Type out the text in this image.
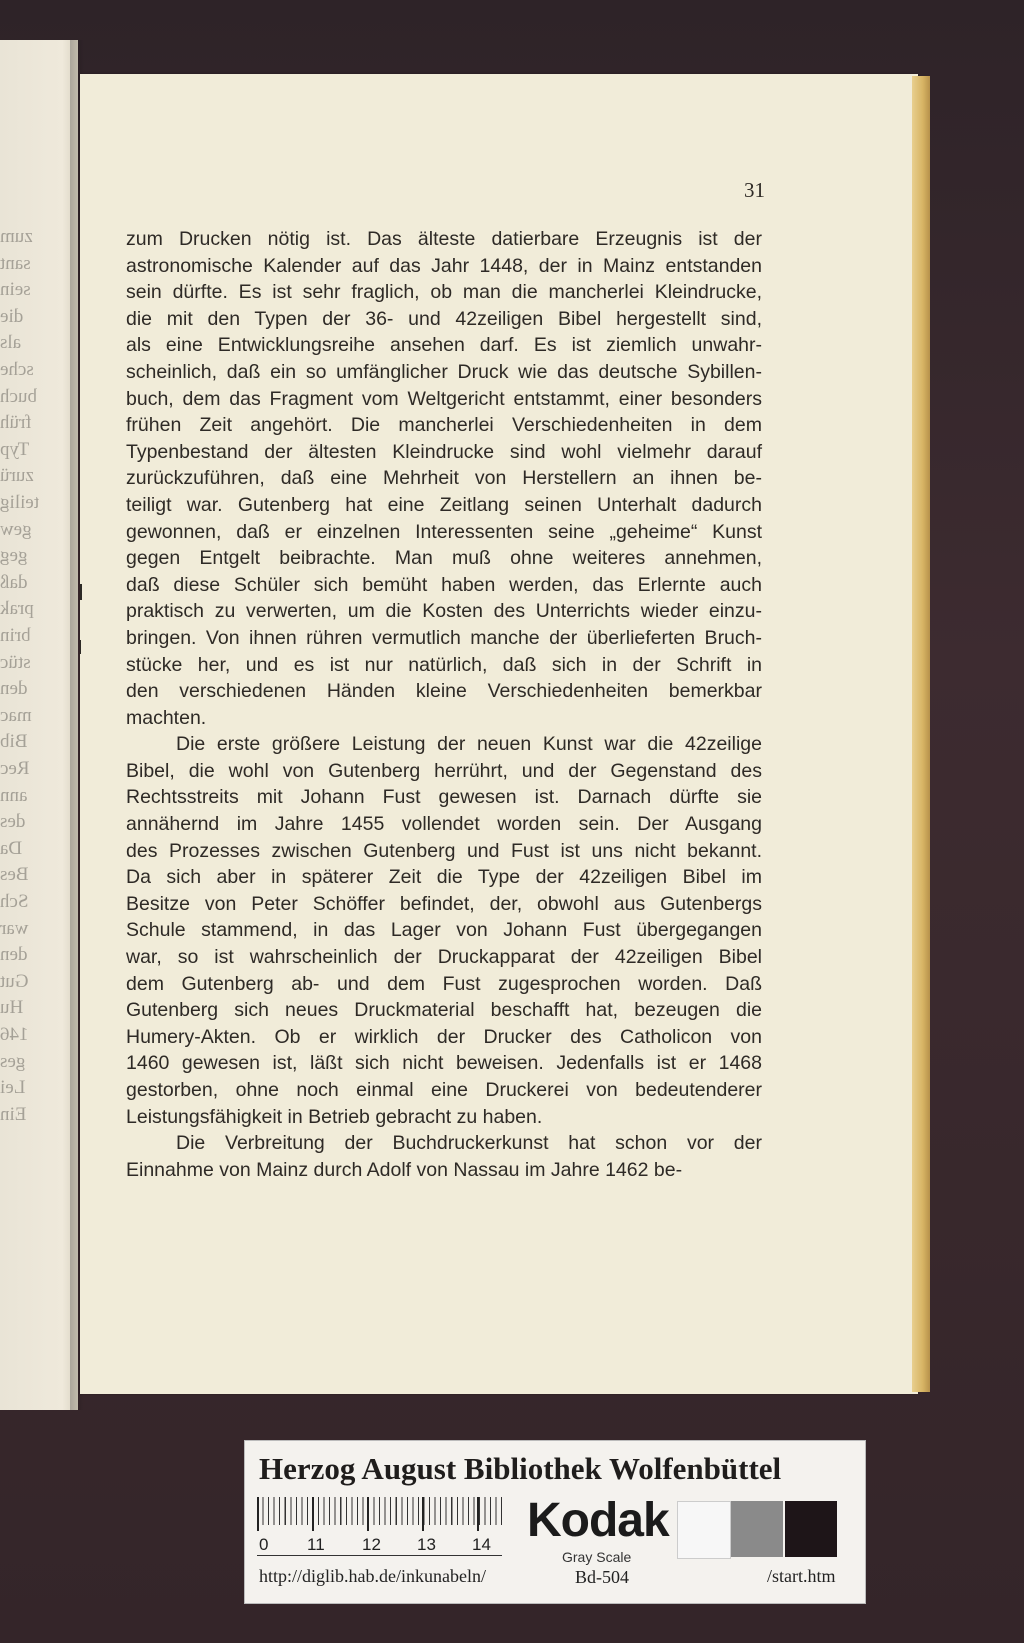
zum
sant
sein
die
als
sche
buch
früh
Typ
zurü
teilig
gew
geg
daß
prak
brin
stüc
den
mac
Bib
Rec
ann
des
Da
Bes
Sch
war
den
Gut
Hu
146
ges
Lei
Ein
31
zum Drucken nötig ist. Das älteste datierbare Erzeugnis ist der
astronomische Kalender auf das Jahr 1448, der in Mainz entstanden
sein dürfte. Es ist sehr fraglich, ob man die mancherlei Kleindrucke,
die mit den Typen der 36- und 42zeiligen Bibel hergestellt sind,
als eine Entwicklungsreihe ansehen darf. Es ist ziemlich unwahr-
scheinlich, daß ein so umfänglicher Druck wie das deutsche Sybillen-
buch, dem das Fragment vom Weltgericht entstammt, einer besonders
frühen Zeit angehört. Die mancherlei Verschiedenheiten in dem
Typenbestand der ältesten Kleindrucke sind wohl vielmehr darauf
zurückzuführen, daß eine Mehrheit von Herstellern an ihnen be-
teiligt war. Gutenberg hat eine Zeitlang seinen Unterhalt dadurch
gewonnen, daß er einzelnen Interessenten seine „geheime“ Kunst
gegen Entgelt beibrachte. Man muß ohne weiteres annehmen,
daß diese Schüler sich bemüht haben werden, das Erlernte auch
praktisch zu verwerten, um die Kosten des Unterrichts wieder einzu-
bringen. Von ihnen rühren vermutlich manche der überlieferten Bruch-
stücke her, und es ist nur natürlich, daß sich in der Schrift in
den verschiedenen Händen kleine Verschiedenheiten bemerkbar
machten.
Die erste größere Leistung der neuen Kunst war die 42zeilige
Bibel, die wohl von Gutenberg herrührt, und der Gegenstand des
Rechtsstreits mit Johann Fust gewesen ist. Darnach dürfte sie
annähernd im Jahre 1455 vollendet worden sein. Der Ausgang
des Prozesses zwischen Gutenberg und Fust ist uns nicht bekannt.
Da sich aber in späterer Zeit die Type der 42zeiligen Bibel im
Besitze von Peter Schöffer befindet, der, obwohl aus Gutenbergs
Schule stammend, in das Lager von Johann Fust übergegangen
war, so ist wahrscheinlich der Druckapparat der 42zeiligen Bibel
dem Gutenberg ab- und dem Fust zugesprochen worden. Daß
Gutenberg sich neues Druckmaterial beschafft hat, bezeugen die
Humery-Akten. Ob er wirklich der Drucker des Catholicon von
1460 gewesen ist, läßt sich nicht beweisen. Jedenfalls ist er 1468
gestorben, ohne noch einmal eine Druckerei von bedeutenderer
Leistungsfähigkeit in Betrieb gebracht zu haben.
Die Verbreitung der Buchdruckerkunst hat schon vor der
Einnahme von Mainz durch Adolf von Nassau im Jahre 1462 be-
Herzog August Bibliothek Wolfenbüttel
0 11 12 13 14 Kodak
Gray Scale
http://diglib.hab.de/inkunabeln/	Bd-504	/start.htm
